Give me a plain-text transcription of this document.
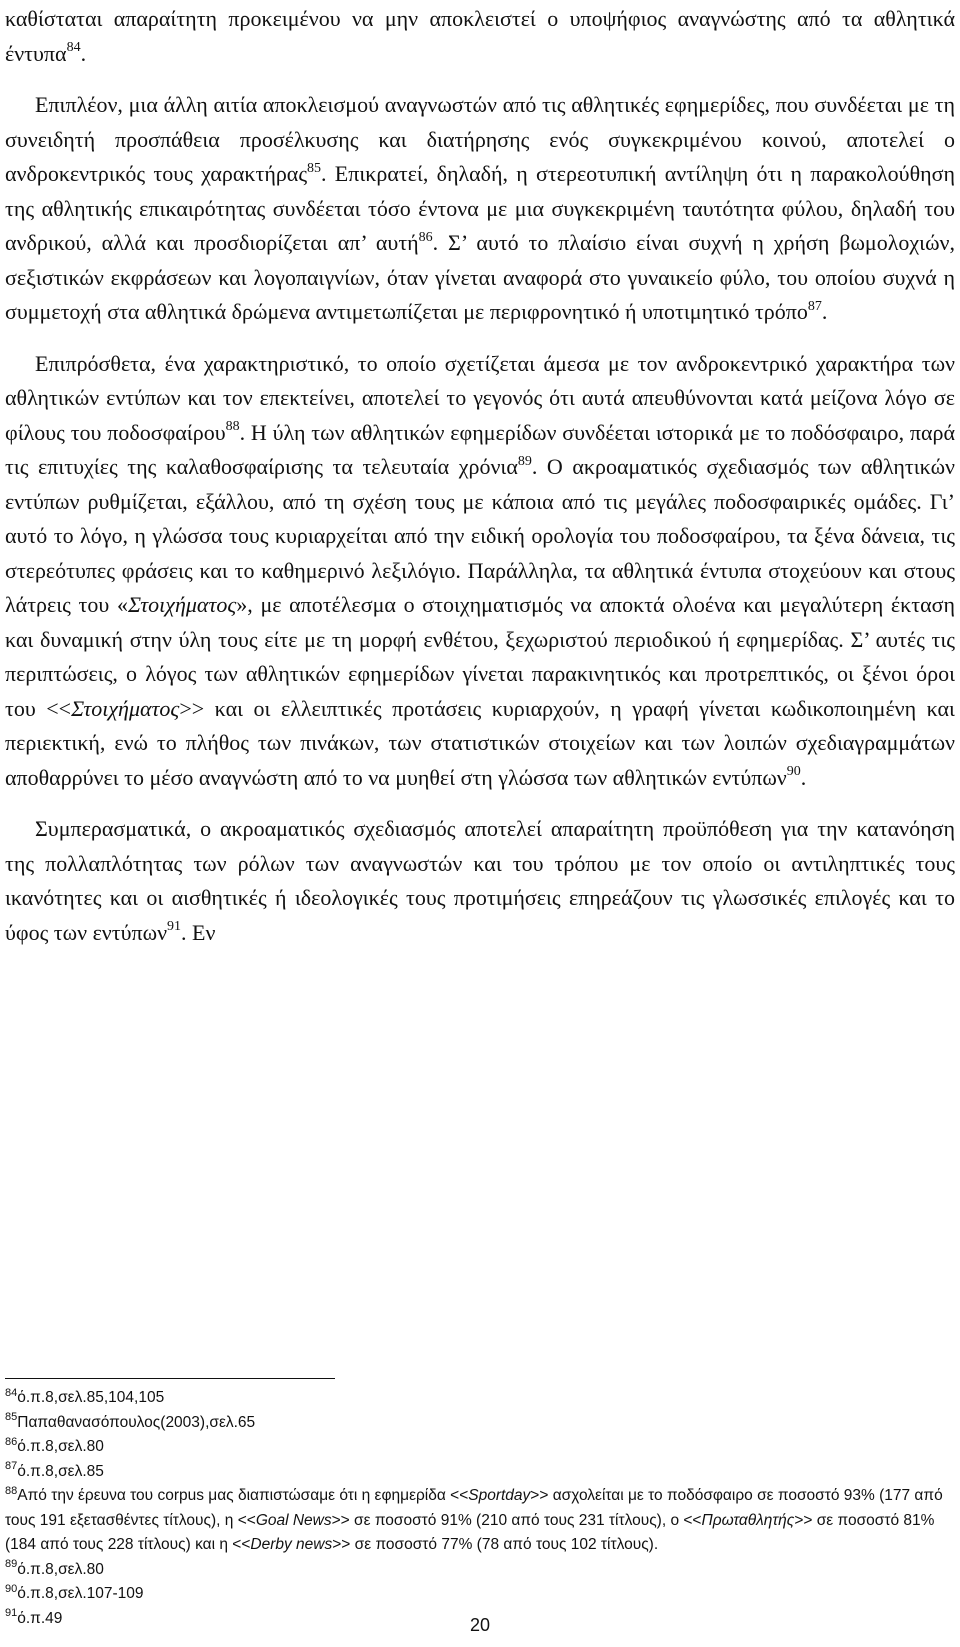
καθίσταται απαραίτητη προκειμένου να μην αποκλειστεί ο υποψήφιος αναγνώστης από τα αθλητικά έντυπα$^{84}$.

Επιπλέον, μια άλλη αιτία αποκλεισμού αναγνωστών από τις αθλητικές εφημερίδες, που συνδέεται με τη συνειδητή προσπάθεια προσέλκυσης και διατήρησης ενός συγκεκριμένου κοινού, αποτελεί ο ανδροκεντρικός τους χαρακτήρας$^{85}$. Επικρατεί, δηλαδή, η στερεοτυπική αντίληψη ότι η παρακολούθηση της αθλητικής επικαιρότητας συνδέεται τόσο έντονα με μια συγκεκριμένη ταυτότητα φύλου, δηλαδή του ανδρικού, αλλά και προσδιορίζεται απ’ αυτή$^{86}$. Σ’ αυτό το πλαίσιο είναι συχνή η χρήση βωμολοχιών, σεξιστικών εκφράσεων και λογοπαιγνίων, όταν γίνεται αναφορά στο γυναικείο φύλο, του οποίου συχνά η συμμετοχή στα αθλητικά δρώμενα αντιμετωπίζεται με περιφρονητικό ή υποτιμητικό τρόπο$^{87}$.

Επιπρόσθετα, ένα χαρακτηριστικό, το οποίο σχετίζεται άμεσα με τον ανδροκεντρικό χαρακτήρα των αθλητικών εντύπων και τον επεκτείνει, αποτελεί το γεγονός ότι αυτά απευθύνονται κατά μείζονα λόγο σε φίλους του ποδοσφαίρου$^{88}$. Η ύλη των αθλητικών εφημερίδων συνδέεται ιστορικά με το ποδόσφαιρο, παρά τις επιτυχίες της καλαθοσφαίρισης τα τελευταία χρόνια$^{89}$. Ο ακροαματικός σχεδιασμός των αθλητικών εντύπων ρυθμίζεται, εξάλλου, από τη σχέση τους με κάποια από τις μεγάλες ποδοσφαιρικές ομάδες. Γι’ αυτό το λόγο, η γλώσσα τους κυριαρχείται από την ειδική ορολογία του ποδοσφαίρου, τα ξένα δάνεια, τις στερεότυπες φράσεις και το καθημερινό λεξιλόγιο. Παράλληλα, τα αθλητικά έντυπα στοχεύουν και στους λάτρεις του «Στοιχήματος», με αποτέλεσμα ο στοιχηματισμός να αποκτά ολοένα και μεγαλύτερη έκταση και δυναμική στην ύλη τους είτε με τη μορφή ενθέτου, ξεχωριστού περιοδικού ή εφημερίδας. Σ’ αυτές τις περιπτώσεις, ο λόγος των αθλητικών εφημερίδων γίνεται παρακινητικός και προτρεπτικός, οι ξένοι όροι του <<Στοιχήματος>> και οι ελλειπτικές προτάσεις κυριαρχούν, η γραφή γίνεται κωδικοποιημένη και περιεκτική, ενώ το πλήθος των πινάκων, των στατιστικών στοιχείων και των λοιπών σχεδιαγραμμάτων αποθαρρύνει το μέσο αναγνώστη από το να μυηθεί στη γλώσσα των αθλητικών εντύπων$^{90}$.

Συμπερασματικά, ο ακροαματικός σχεδιασμός αποτελεί απαραίτητη προϋπόθεση για την κατανόηση της πολλαπλότητας των ρόλων των αναγνωστών και του τρόπου με τον οποίο οι αντιληπτικές τους ικανότητες και οι αισθητικές ή ιδεολογικές τους προτιμήσεις επηρεάζουν τις γλωσσικές επιλογές και το ύφος των εντύπων$^{91}$. Εν

$^{84}$ό.π.8,σελ.85,104,105

$^{85}$Παπαθανασόπουλος(2003),σελ.65

$^{86}$ό.π.8,σελ.80

$^{87}$ό.π.8,σελ.85

$^{88}$Από την έρευνα του corpus μας διαπιστώσαμε ότι η εφημερίδα <<Sportday>> ασχολείται με το ποδόσφαιρο σε ποσοστό 93% (177 από τους 191 εξετασθέντες τίτλους), η <<Goal News>> σε ποσοστό 91% (210 από τους 231 τίτλους), ο <<Πρωταθλητής>> σε ποσοστό 81% (184 από τους 228 τίτλους) και η <<Derby news>> σε ποσοστό 77% (78 από τους 102 τίτλους).

$^{89}$ό.π.8,σελ.80

$^{90}$ό.π.8,σελ.107-109

$^{91}$ό.π.49	20
